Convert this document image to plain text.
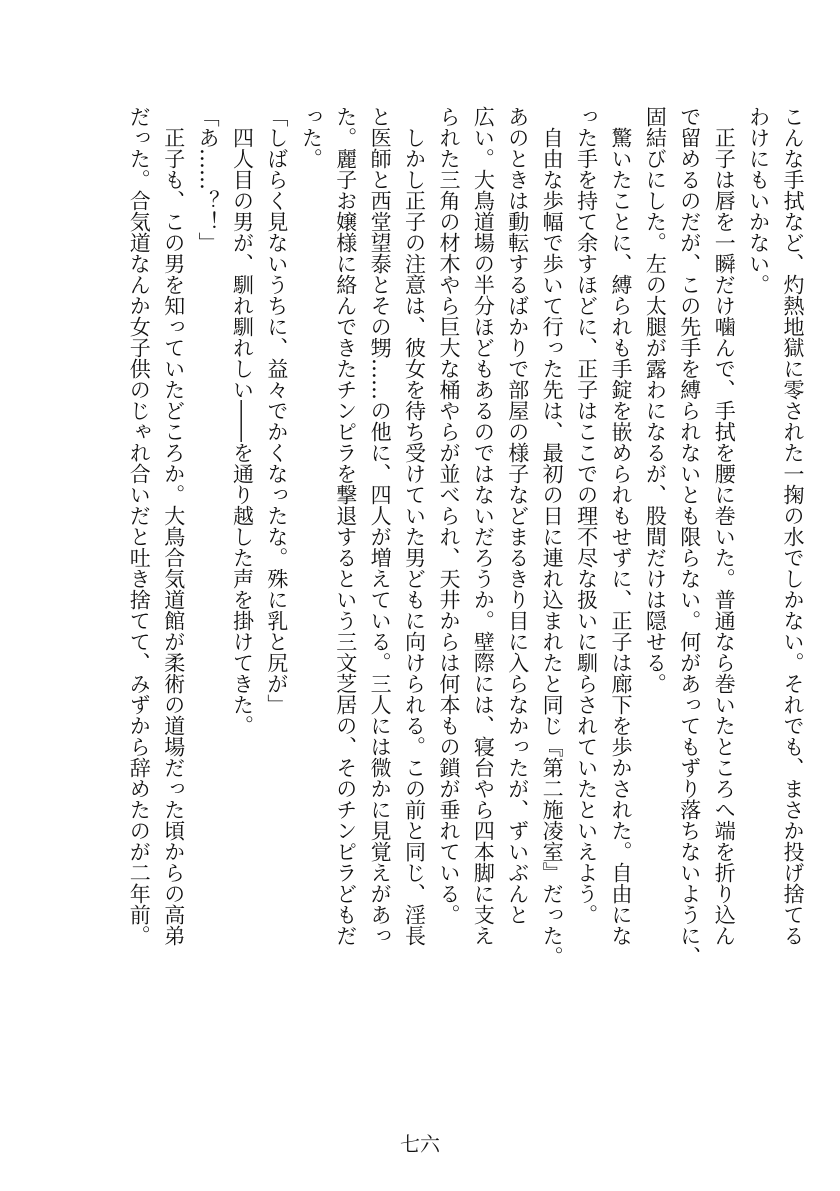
こんな手拭など、灼熱地獄に零された一掬の水でしかない。それでも、まさか投げ捨てる
わけにもいかない。
　正子は唇を一瞬だけ噛んで、手拭を腰に巻いた。普通なら巻いたところへ端を折り込ん
で留めるのだが、この先手を縛られないとも限らない。何があってもずり落ちないように、
固結びにした。左の太腿が露わになるが、股間だけは隠せる。
　驚いたことに、縛られも手錠を嵌められもせずに、正子は廊下を歩かされた。自由にな
った手を持て余すほどに、正子はここでの理不尽な扱いに馴らされていたといえよう。
　自由な歩幅で歩いて行った先は、最初の日に連れ込まれたと同じ『第二施凌室』だった。
あのときは動転するばかりで部屋の様子などまるきり目に入らなかったが、ずいぶんと
広い。大鳥道場の半分ほどもあるのではないだろうか。壁際には、寝台やら四本脚に支え
られた三角の材木やら巨大な桶やらが並べられ、天井からは何本もの鎖が垂れている。
　しかし正子の注意は、彼女を待ち受けていた男どもに向けられる。この前と同じ、淫長
と医師と西堂望泰とその甥……の他に、四人が増えている。三人には微かに見覚えがあっ
た。麗子お嬢様に絡んできたチンピラを撃退するという三文芝居の、そのチンピラどもだ
った。
「しばらく見ないうちに、益々でかくなったな。殊に乳と尻が」
　四人目の男が、馴れ馴れしい――を通り越した声を掛けてきた。
「あ……？！」
　正子も、この男を知っていたどころか。大鳥合気道館が柔術の道場だった頃からの高弟
だった。合気道なんか女子供のじゃれ合いだと吐き捨てて、みずから辞めたのが二年前。
七六
